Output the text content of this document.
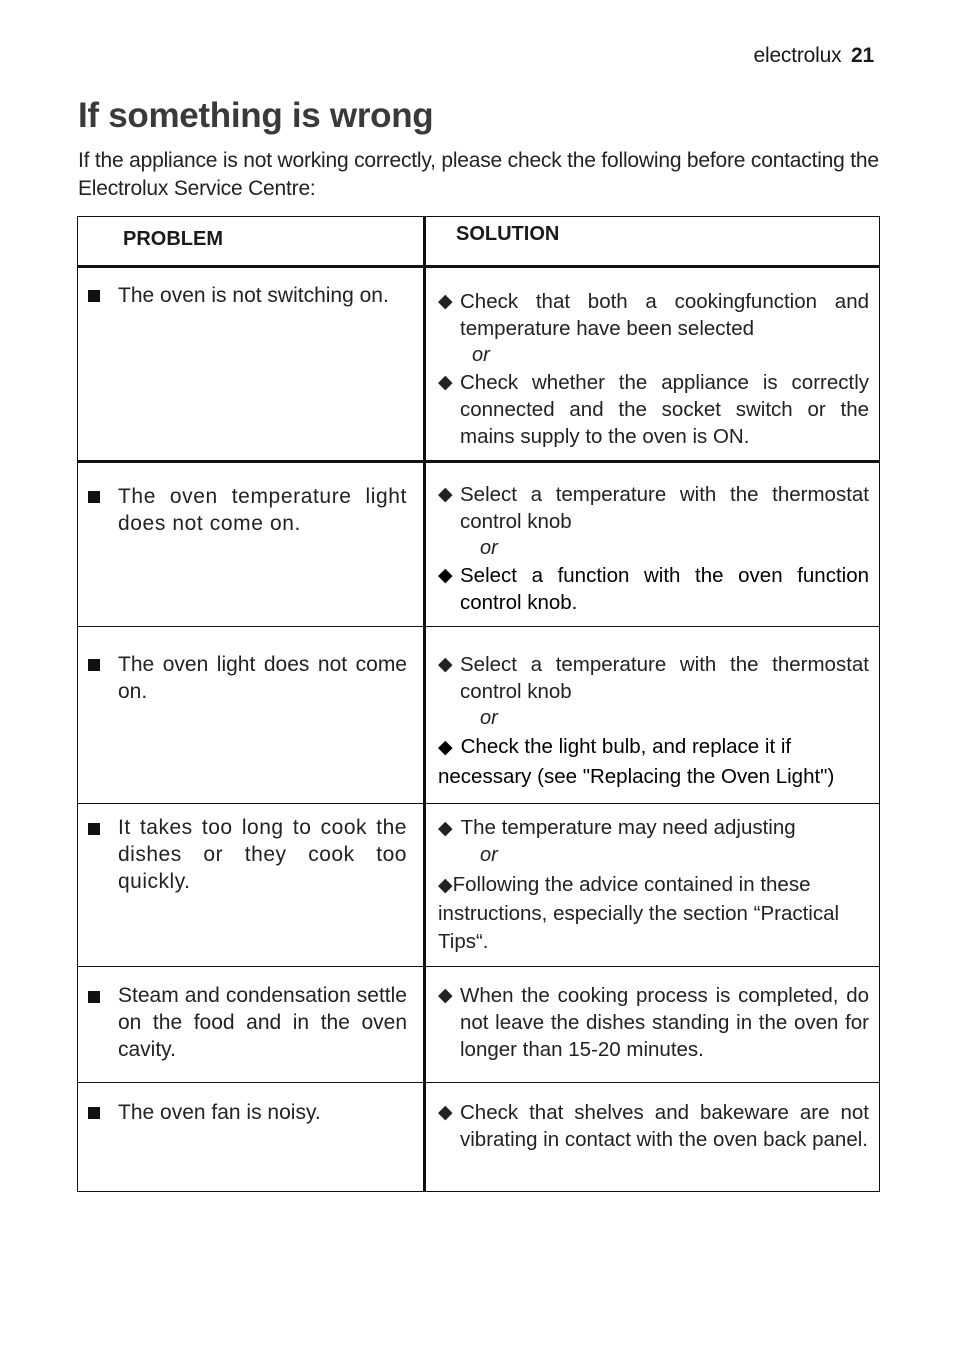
electrolux 21
If something is wrong
If the appliance is not working correctly, please check the following before contacting the Electrolux Service Centre:
PROBLEM	SOLUTION

The oven is not switching on.	◆ Check that both a cookingfunction and temperature have been selected
or
◆ Check whether the appliance is correctly connected and the socket switch or the mains supply to the oven is ON.

The oven temperature light does not come on.	◆ Select a temperature with the thermostat control knob
or
◆ Select a function with the oven function control knob.

The oven light does not come on.	◆ Select a temperature with the thermostat control knob
or
◆ Check the light bulb, and replace it if necessary (see "Replacing the Oven Light")

It takes too long to cook the dishes or they cook too quickly.	◆ The temperature may need adjusting
or
◆Following the advice contained in these instructions, especially the section “Practical Tips“.

Steam and condensation settle on the food and in the oven cavity.	◆ When the cooking process is completed, do not leave the dishes standing in the oven for longer than 15-20 minutes.

The oven fan is noisy.	◆ Check that shelves and bakeware are not vibrating in contact with the oven back panel.
